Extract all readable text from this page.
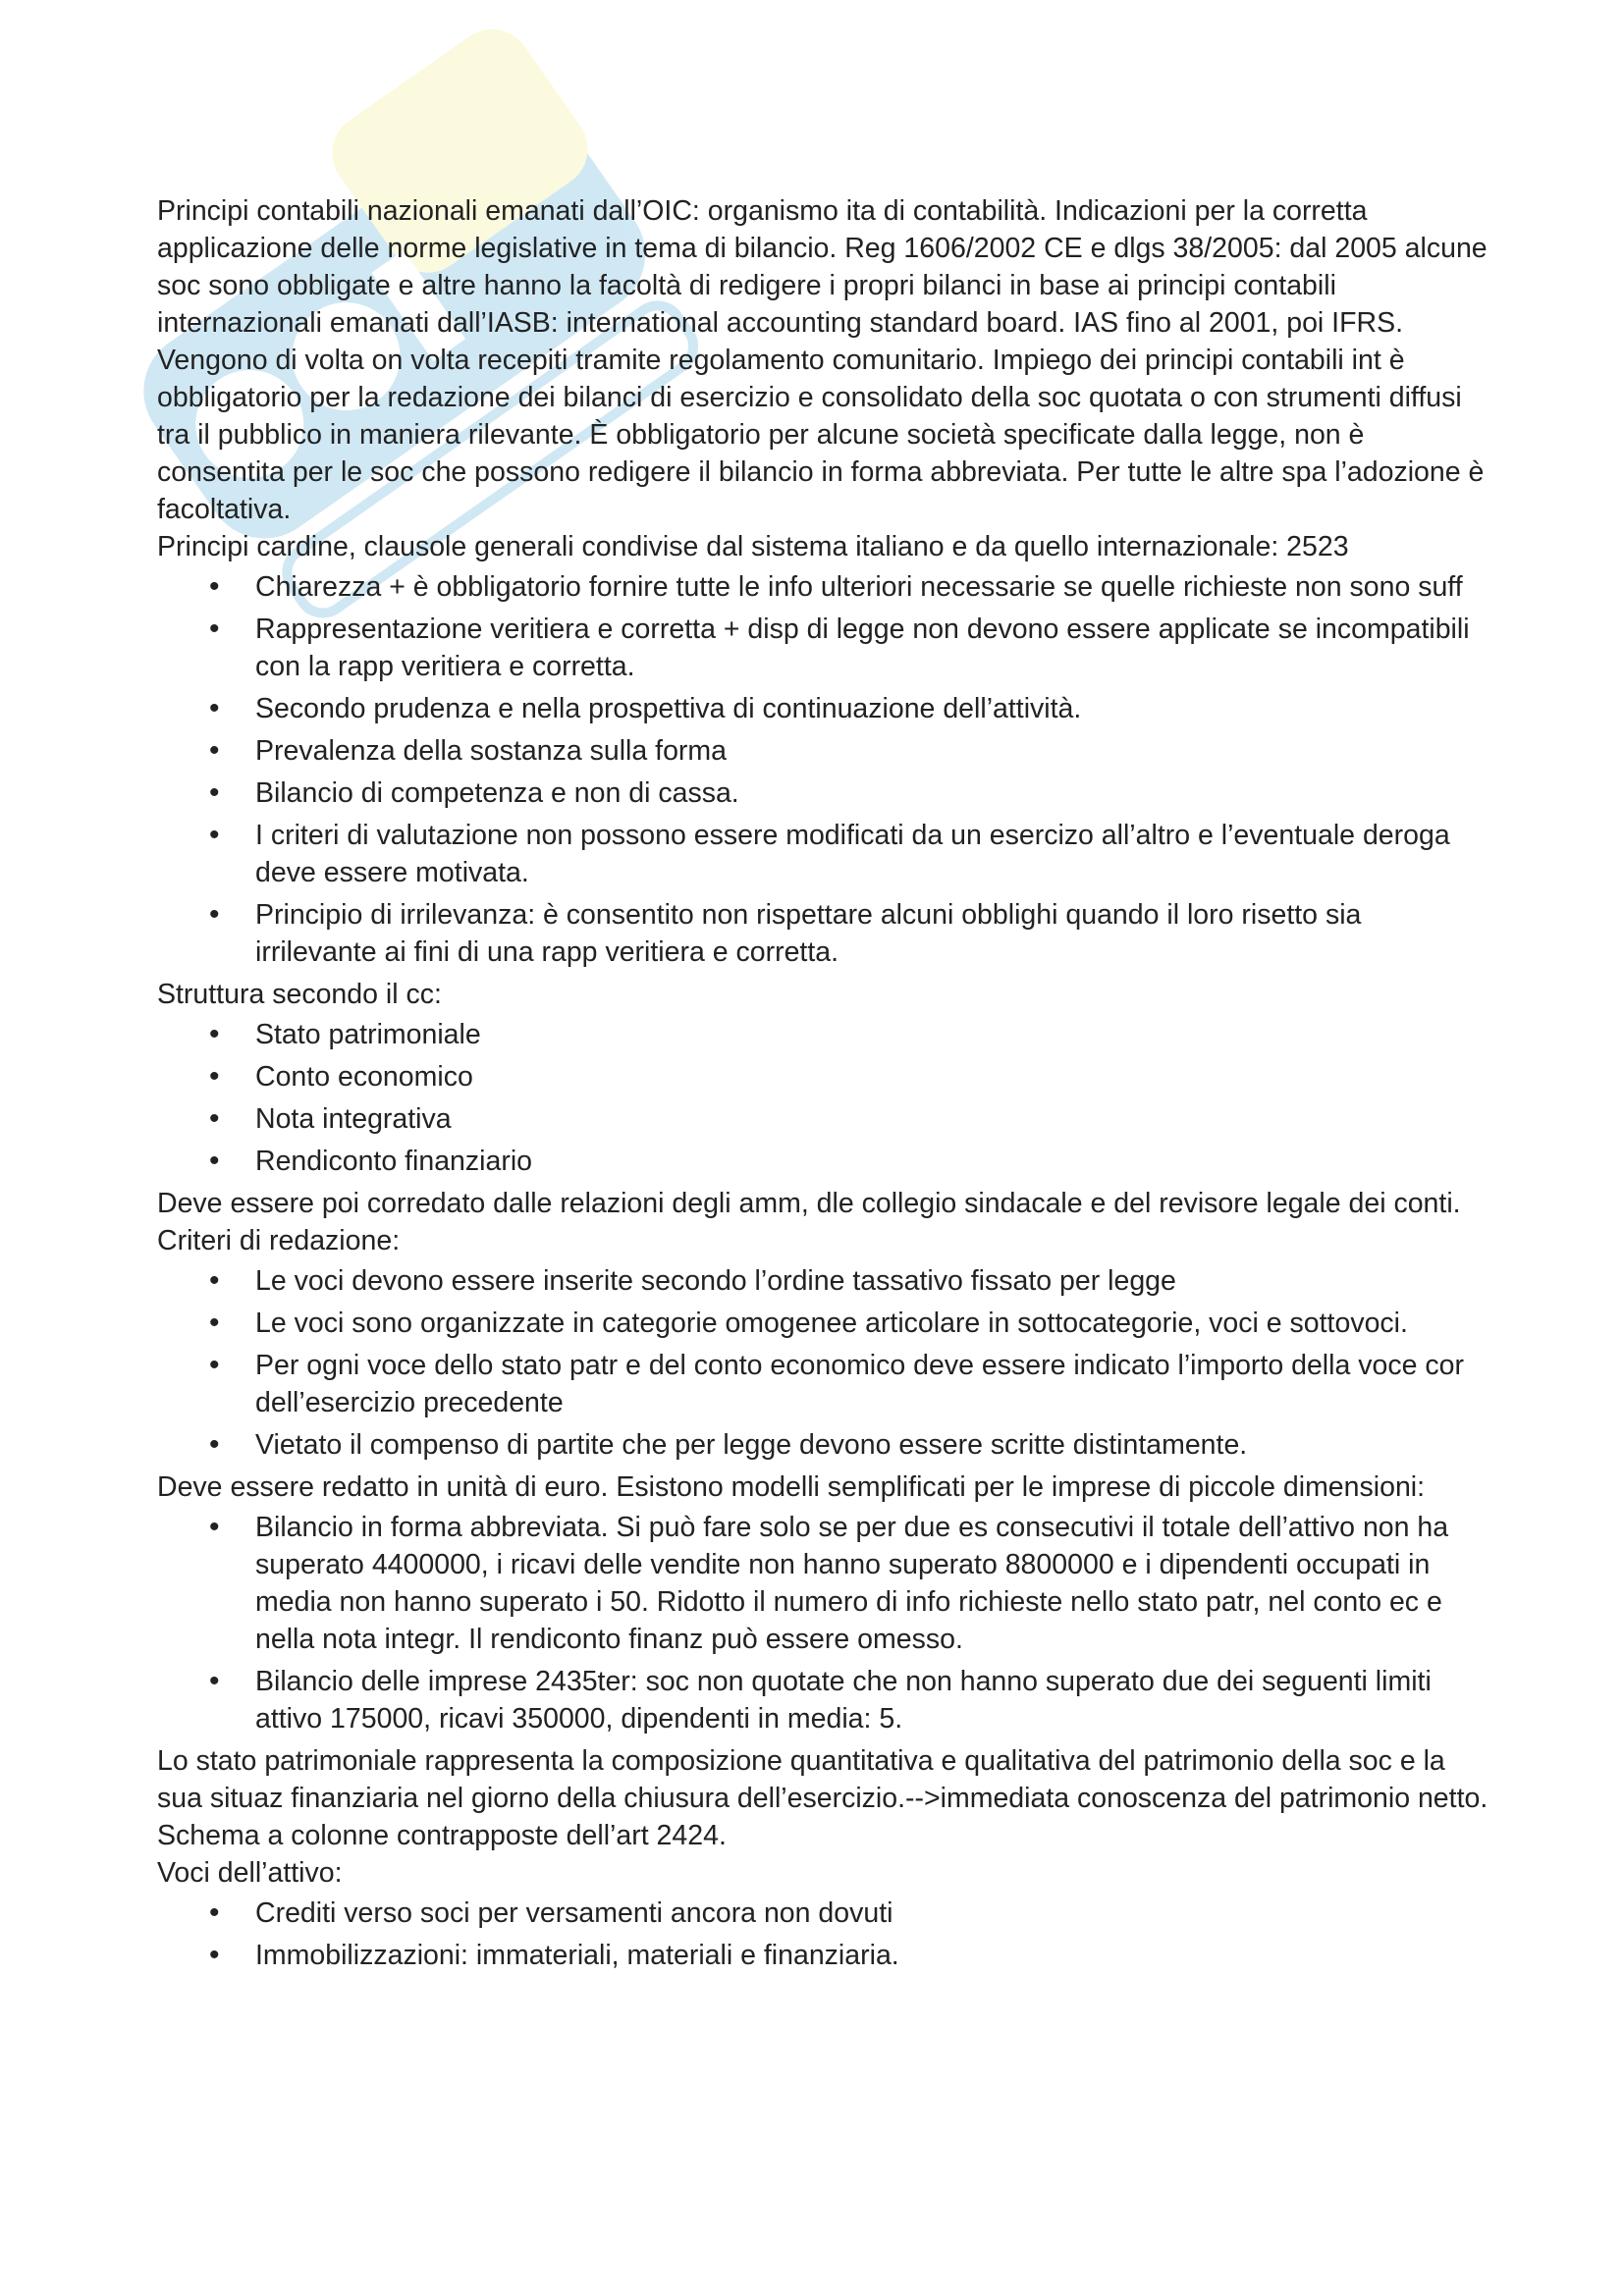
Principi contabili nazionali emanati dall’OIC: organismo ita di contabilità. Indicazioni per la corretta applicazione delle norme legislative in tema di bilancio. Reg 1606/2002 CE e dlgs 38/2005: dal 2005 alcune soc sono obbligate e altre hanno la facoltà di redigere i propri bilanci in base ai principi contabili internazionali emanati dall’IASB: international accounting standard board. IAS fino al 2001, poi IFRS. Vengono di volta on volta recepiti tramite regolamento comunitario. Impiego dei principi contabili int è obbligatorio per la redazione dei bilanci di esercizio e consolidato della soc quotata o con strumenti diffusi tra il pubblico in maniera rilevante. È obbligatorio per alcune società specificate dalla legge, non è consentita per le soc che possono redigere il bilancio in forma abbreviata. Per tutte le altre spa l’adozione è facoltativa.

Principi cardine, clausole generali condivise dal sistema italiano e da quello internazionale: 2523

• Chiarezza + è obbligatorio fornire tutte le info ulteriori necessarie se quelle richieste non sono suff
• Rappresentazione veritiera e corretta + disp di legge non devono essere applicate se incompatibili con la rapp veritiera e corretta.
• Secondo prudenza e nella prospettiva di continuazione dell’attività.
• Prevalenza della sostanza sulla forma
• Bilancio di competenza e non di cassa.
• I criteri di valutazione non possono essere modificati da un esercizo all’altro e l’eventuale deroga deve essere motivata.
• Principio di irrilevanza: è consentito non rispettare alcuni obblighi quando il loro risetto sia irrilevante ai fini di una rapp veritiera e corretta.

Struttura secondo il cc:

• Stato patrimoniale
• Conto economico
• Nota integrativa
• Rendiconto finanziario

Deve essere poi corredato dalle relazioni degli amm, dle collegio sindacale e del revisore legale dei conti.

Criteri di redazione:

• Le voci devono essere inserite secondo l’ordine tassativo fissato per legge
• Le voci sono organizzate in categorie omogenee articolare in sottocategorie, voci e sottovoci.
• Per ogni voce dello stato patr e del conto economico deve essere indicato l’importo della voce cor dell’esercizio precedente
• Vietato il compenso di partite che per legge devono essere scritte distintamente.

Deve essere redatto in unità di euro. Esistono modelli semplificati per le imprese di piccole dimensioni:

• Bilancio in forma abbreviata. Si può fare solo se per due es consecutivi il totale dell’attivo non ha superato 4400000, i ricavi delle vendite non hanno superato 8800000 e i dipendenti occupati in media non hanno superato i 50. Ridotto il numero di info richieste nello stato patr, nel conto ec e nella nota integr. Il rendiconto finanz può essere omesso.
• Bilancio delle imprese 2435ter: soc non quotate che non hanno superato due dei seguenti limiti attivo 175000, ricavi 350000, dipendenti in media: 5.

Lo stato patrimoniale rappresenta la composizione quantitativa e qualitativa del patrimonio della soc e la sua situaz finanziaria nel giorno della chiusura dell’esercizio.-->immediata conoscenza del patrimonio netto. Schema a colonne contrapposte dell’art 2424.

Voci dell’attivo:

• Crediti verso soci per versamenti ancora non dovuti
• Immobilizzazioni: immateriali, materiali e finanziaria.
